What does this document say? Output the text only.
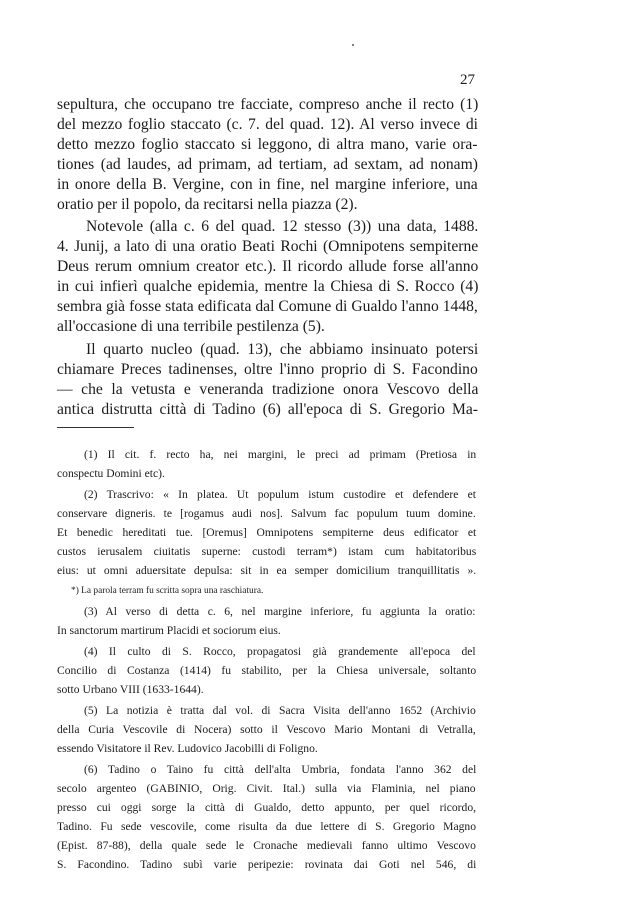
27
sepultura, che occupano tre facciate, compreso anche il recto (1)
del mezzo foglio staccato (c. 7. del quad. 12). Al verso invece di
detto mezzo foglio staccato si leggono, di altra mano, varie ora-
tiones (ad laudes, ad primam, ad tertiam, ad sextam, ad nonam)
in onore della B. Vergine, con in fine, nel margine inferiore, una
oratio per il popolo, da recitarsi nella piazza (2).
Notevole (alla c. 6 del quad. 12 stesso (3)) una data, 1488.
4. Junij, a lato di una oratio Beati Rochi (Omnipotens sempiterne
Deus rerum omnium creator etc.). Il ricordo allude forse all'anno
in cui infierì qualche epidemia, mentre la Chiesa di S. Rocco (4)
sembra già fosse stata edificata dal Comune di Gualdo l'anno 1448,
all'occasione di una terribile pestilenza (5).
Il quarto nucleo (quad. 13), che abbiamo insinuato potersi
chiamare Preces tadinenses, oltre l'inno proprio di S. Facondino
— che la vetusta e veneranda tradizione onora Vescovo della
antica distrutta città di Tadino (6) all'epoca di S. Gregorio Ma-
(1) Il cit. f. recto ha, nei margini, le preci ad primam (Pretiosa in
conspectu Domini etc).
(2) Trascrivo: « In platea. Ut populum istum custodire et defendere et
conservare digneris. te [rogamus audi nos]. Salvum fac populum tuum domine.
Et benedic hereditati tue. [Oremus] Omnipotens sempiterne deus edificator et
custos ierusalem ciuitatis superne: custodi terram*) istam cum habitatoribus
eius: ut omni aduersitate depulsa: sit in ea semper domicilium tranquillitatis ».
*) La parola terram fu scritta sopra una raschiatura.
(3) Al verso di detta c. 6, nel margine inferiore, fu aggiunta la oratio:
In sanctorum martirum Placidi et sociorum eius.
(4) Il culto di S. Rocco, propagatosi già grandemente all'epoca del
Concilio di Costanza (1414) fu stabilito, per la Chiesa universale, soltanto
sotto Urbano VIII (1633-1644).
(5) La notizia è tratta dal vol. di Sacra Visita dell'anno 1652 (Archivio
della Curia Vescovile di Nocera) sotto il Vescovo Mario Montani di Vetralla,
essendo Visitatore il Rev. Ludovico Jacobilli di Foligno.
(6) Tadino o Taino fu città dell'alta Umbria, fondata l'anno 362 del
secolo argenteo (GABINIO, Orig. Civit. Ital.) sulla via Flaminia, nel piano
presso cui oggi sorge la città di Gualdo, detto appunto, per quel ricordo,
Tadino. Fu sede vescovile, come risulta da due lettere di S. Gregorio Magno
(Epist. 87-88), della quale sede le Cronache medievali fanno ultimo Vescovo
S. Facondino. Tadino subì varie peripezie: rovinata dai Goti nel 546, di
